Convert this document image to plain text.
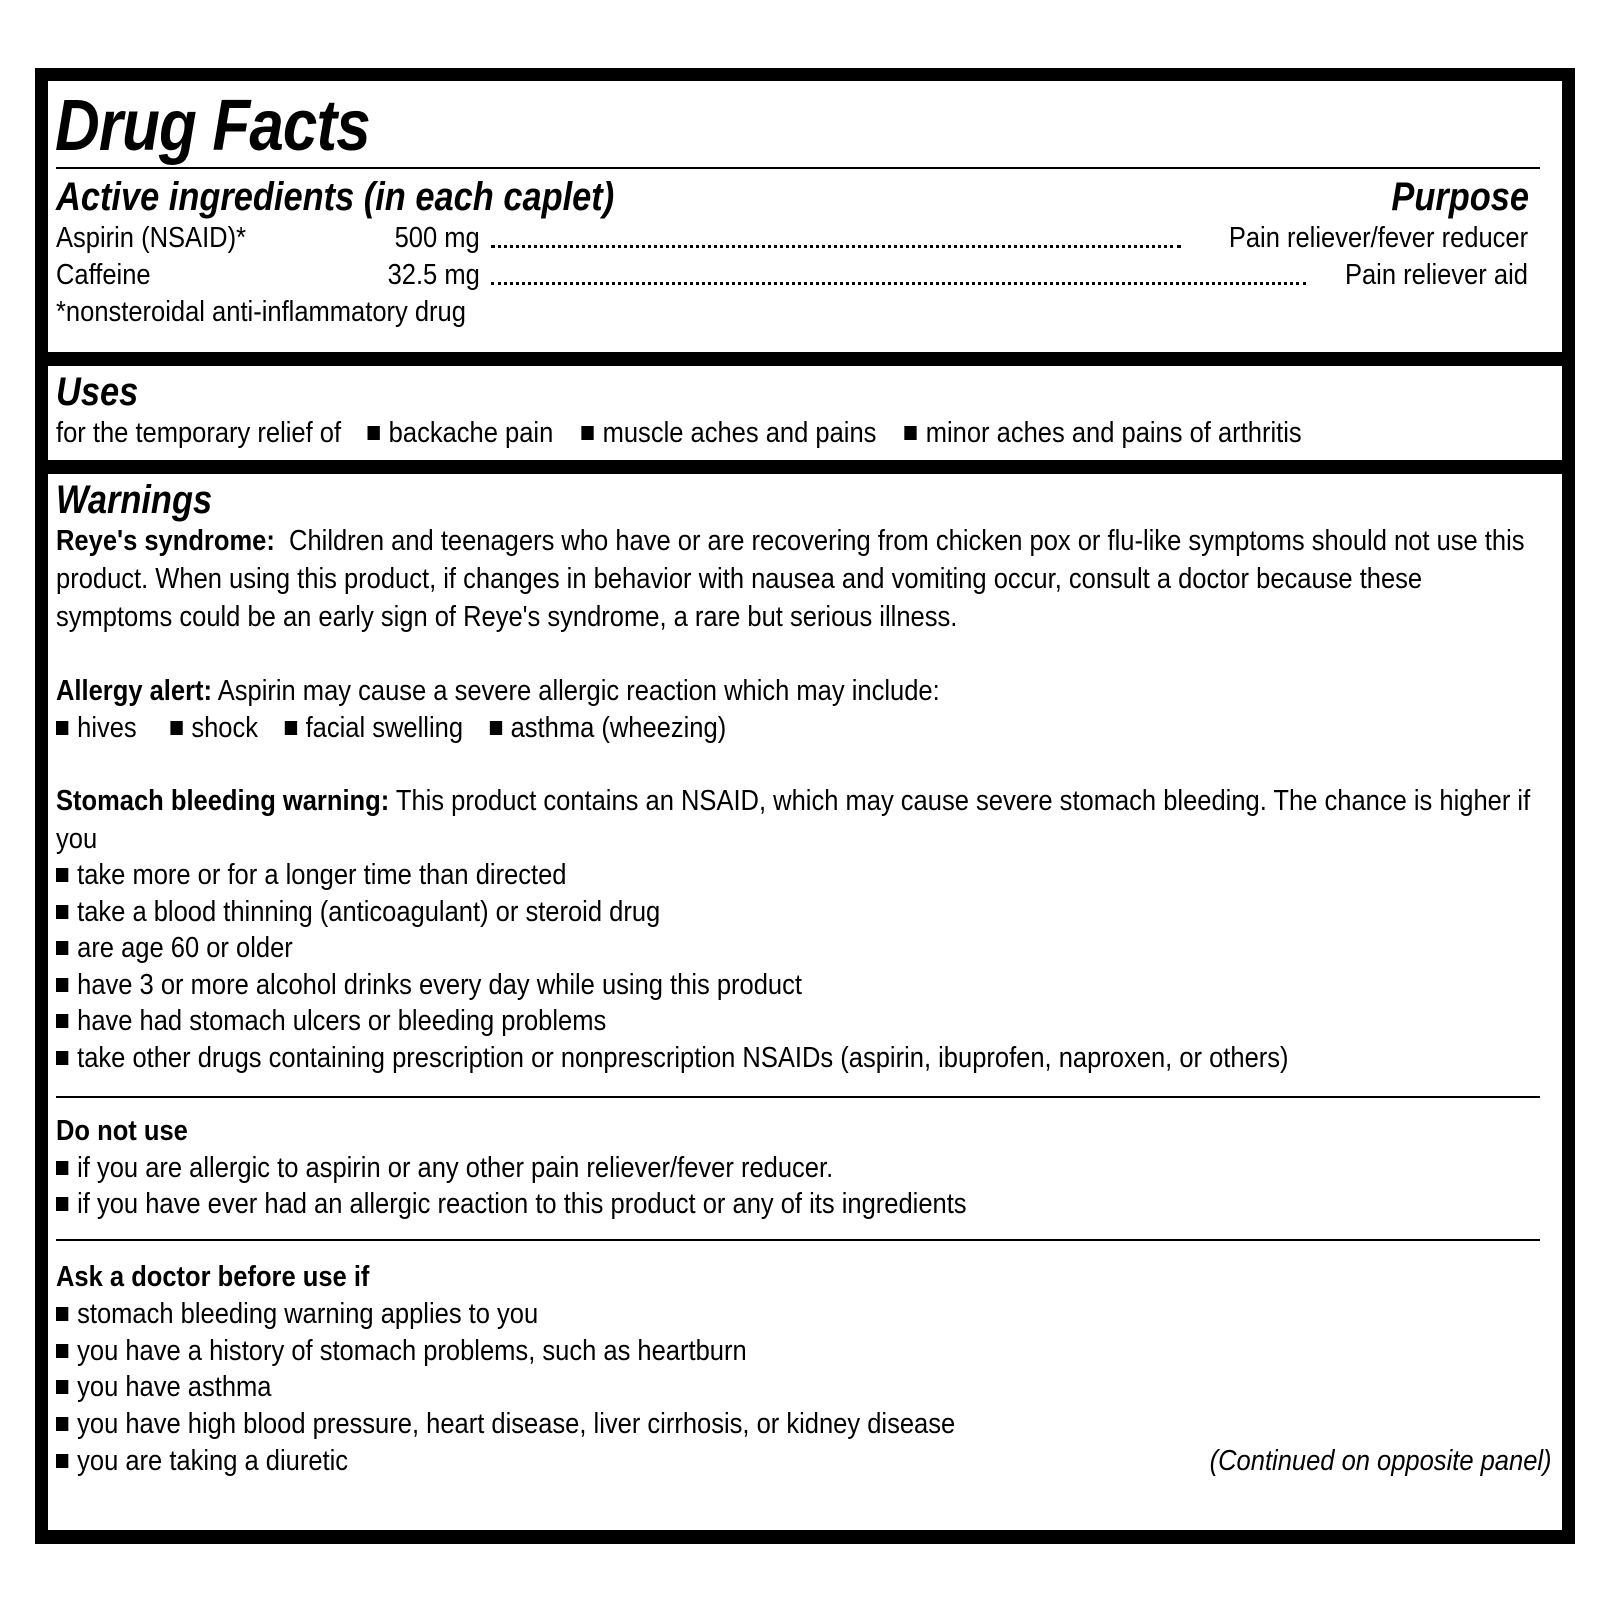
Drug Facts
Active ingredients (in each caplet)	Purpose
Aspirin (NSAID)*	500 mg	Pain reliever/fever reducer
Caffeine	32.5 mg	Pain reliever aid
*nonsteroidal anti-inflammatory drug
Uses
for the temporary relief of backache pain muscle aches and pains minor aches and pains of arthritis
Warnings
Reye's syndrome: Children and teenagers who have or are recovering from chicken pox or flu-like symptoms should not use this product. When using this product, if changes in behavior with nausea and vomiting occur, consult a doctor because these symptoms could be an early sign of Reye's syndrome, a rare but serious illness.
Allergy alert: Aspirin may cause a severe allergic reaction which may include:
hives shock facial swelling asthma (wheezing)
Stomach bleeding warning: This product contains an NSAID, which may cause severe stomach bleeding. The chance is higher if you
take more or for a longer time than directed
take a blood thinning (anticoagulant) or steroid drug
are age 60 or older
have 3 or more alcohol drinks every day while using this product
have had stomach ulcers or bleeding problems
take other drugs containing prescription or nonprescription NSAIDs (aspirin, ibuprofen, naproxen, or others)
Do not use
if you are allergic to aspirin or any other pain reliever/fever reducer.
if you have ever had an allergic reaction to this product or any of its ingredients
Ask a doctor before use if
stomach bleeding warning applies to you
you have a history of stomach problems, such as heartburn
you have asthma
you have high blood pressure, heart disease, liver cirrhosis, or kidney disease
you are taking a diuretic	(Continued on opposite panel)
